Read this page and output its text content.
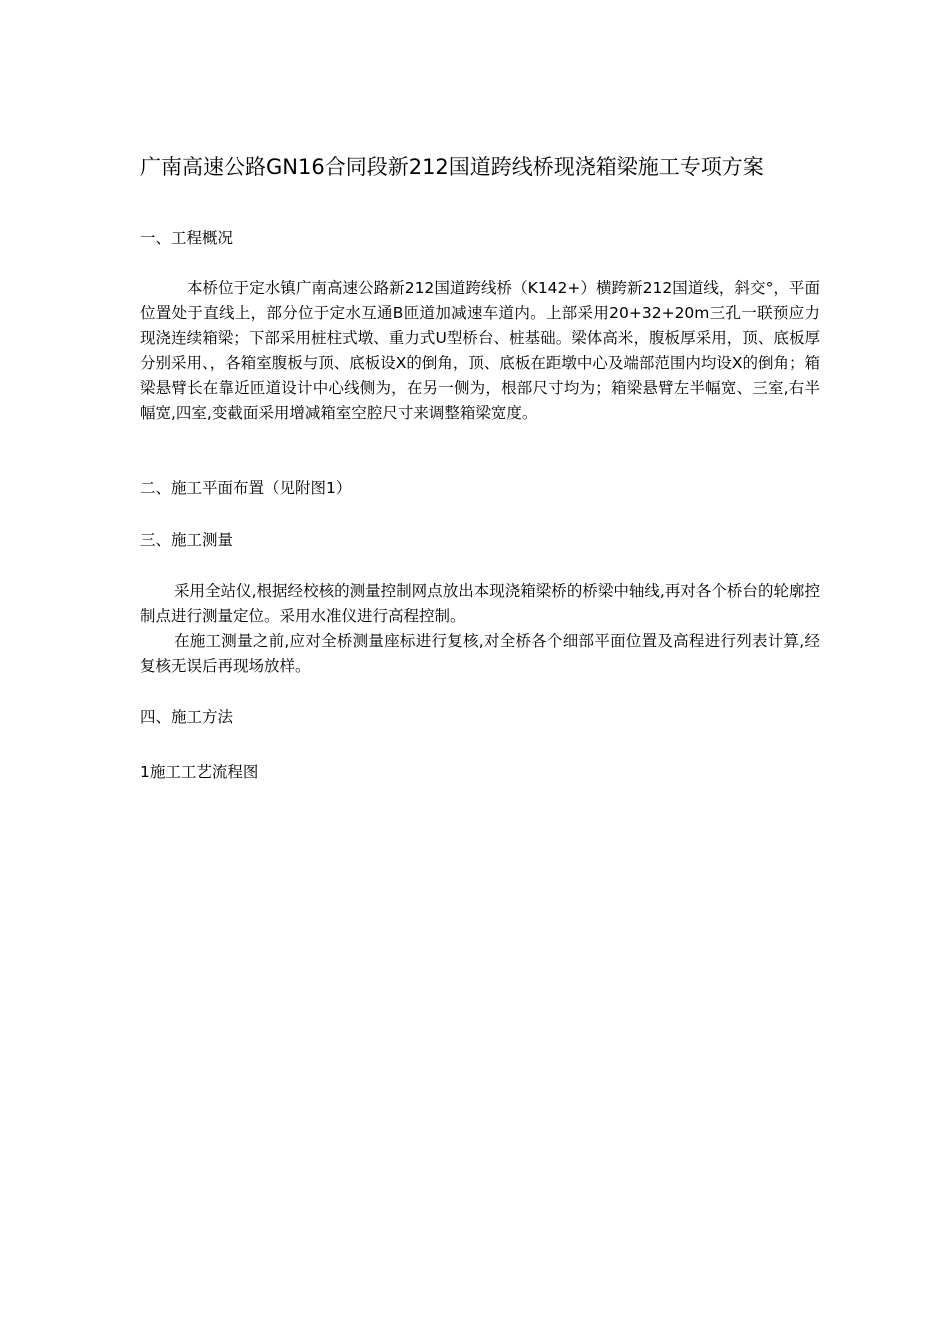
广南高速公路GN16合同段新212国道跨线桥现浇箱梁施工专项方案
一、工程概况

本桥位于定水镇广南高速公路新212国道跨线桥（K142+）横跨新212国道线，斜交°，平面位置处于直线上，部分位于定水互通B匝道加减速车道内。上部采用20+32+20m三孔一联预应力现浇连续箱梁；下部采用桩柱式墩、重力式U型桥台、桩基础。梁体高米，腹板厚采用，顶、底板厚分别采用、，各箱室腹板与顶、底板设X的倒角，顶、底板在距墩中心及端部范围内均设X的倒角；箱梁悬臂长在靠近匝道设计中心线侧为，在另一侧为，根部尺寸均为；箱梁悬臂左半幅宽、三室,右半幅宽,四室,变截面采用增减箱室空腔尺寸来调整箱梁宽度。

二、施工平面布置（见附图1）
三、施工测量

采用全站仪,根据经校核的测量控制网点放出本现浇箱梁桥的桥梁中轴线,再对各个桥台的轮廓控制点进行测量定位。采用水准仪进行高程控制。

在施工测量之前,应对全桥测量座标进行复核,对全桥各个细部平面位置及高程进行列表计算,经复核无误后再现场放样。

四、施工方法
1施工工艺流程图
